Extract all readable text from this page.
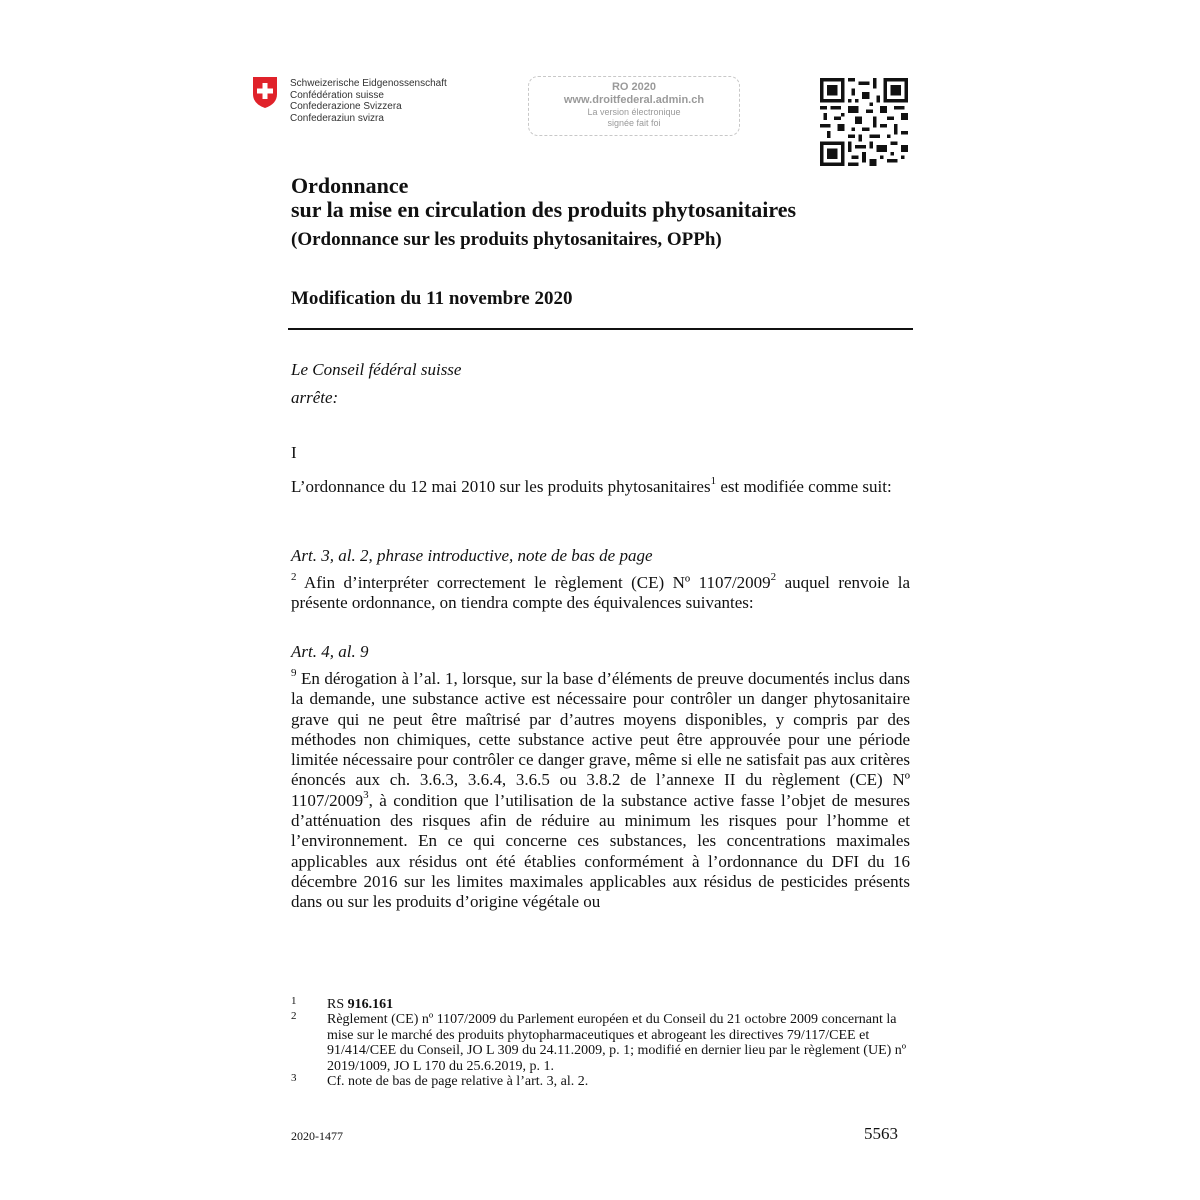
Schweizerische Eidgenossenschaft
Confédération suisse
Confederazione Svizzera
Confederaziun svizra
RO 2020
www.droitfederal.admin.ch
La version électronique
signée fait foi
Ordonnance
sur la mise en circulation des produits phytosanitaires
(Ordonnance sur les produits phytosanitaires, OPPh)
Modification du 11 novembre 2020
Le Conseil fédéral suisse
arrête:
I
L’ordonnance du 12 mai 2010 sur les produits phytosanitaires$^1$ est modifiée comme suit:
Art. 3, al. 2, phrase introductive, note de bas de page
$^2$ Afin d’interpréter correctement le règlement (CE) Nº 1107/2009$^2$ auquel renvoie la présente ordonnance, on tiendra compte des équivalences suivantes:
Art. 4, al. 9
$^9$ En dérogation à l’al. 1, lorsque, sur la base d’éléments de preuve documentés inclus dans la demande, une substance active est nécessaire pour contrôler un danger phytosanitaire grave qui ne peut être maîtrisé par d’autres moyens disponibles, y compris par des méthodes non chimiques, cette substance active peut être approuvée pour une période limitée nécessaire pour contrôler ce danger grave, même si elle ne satisfait pas aux critères énoncés aux ch. 3.6.3, 3.6.4, 3.6.5 ou 3.8.2 de l’annexe II du règlement (CE) Nº 1107/2009$^3$, à condition que l’utilisation de la substance active fasse l’objet de mesures d’atténuation des risques afin de réduire au minimum les risques pour l’homme et l’environnement. En ce qui concerne ces substances, les concentrations maximales applicables aux résidus ont été établies conformément à l’ordonnance du DFI du 16 décembre 2016 sur les limites maximales applicables aux résidus de pesticides présents dans ou sur les produits d’origine végétale ou
1 RS 916.161
2 Règlement (CE) nº 1107/2009 du Parlement européen et du Conseil du 21 octobre 2009 concernant la mise sur le marché des produits phytopharmaceutiques et abrogeant les directives 79/117/CEE et 91/414/CEE du Conseil, JO L 309 du 24.11.2009, p. 1; modifié en dernier lieu par le règlement (UE) nº 2019/1009, JO L 170 du 25.6.2019, p. 1.
3 Cf. note de bas de page relative à l’art. 3, al. 2.
2020-1477	5563
